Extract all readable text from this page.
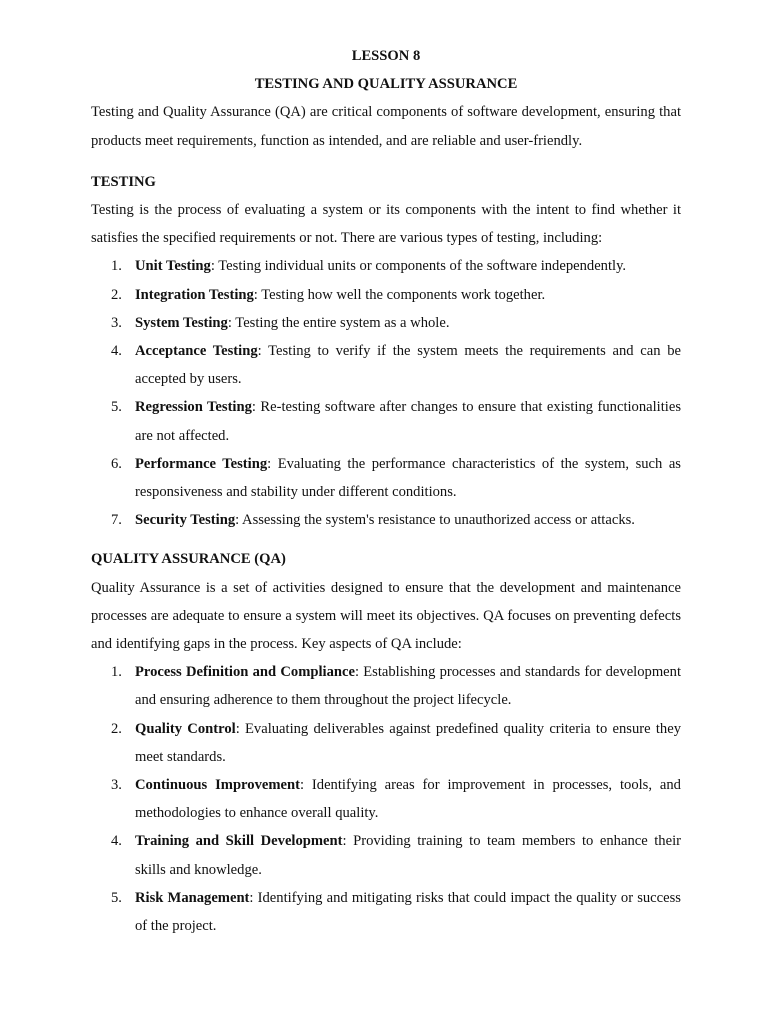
LESSON 8
TESTING AND QUALITY ASSURANCE

Testing and Quality Assurance (QA) are critical components of software development, ensuring that products meet requirements, function as intended, and are reliable and user-friendly.

TESTING

Testing is the process of evaluating a system or its components with the intent to find whether it satisfies the specified requirements or not. There are various types of testing, including:

1. Unit Testing: Testing individual units or components of the software independently.
2. Integration Testing: Testing how well the components work together.
3. System Testing: Testing the entire system as a whole.
4. Acceptance Testing: Testing to verify if the system meets the requirements and can be accepted by users.
5. Regression Testing: Re-testing software after changes to ensure that existing functionalities are not affected.
6. Performance Testing: Evaluating the performance characteristics of the system, such as responsiveness and stability under different conditions.
7. Security Testing: Assessing the system's resistance to unauthorized access or attacks.
QUALITY ASSURANCE (QA)

Quality Assurance is a set of activities designed to ensure that the development and maintenance processes are adequate to ensure a system will meet its objectives. QA focuses on preventing defects and identifying gaps in the process. Key aspects of QA include:

1. Process Definition and Compliance: Establishing processes and standards for development and ensuring adherence to them throughout the project lifecycle.
2. Quality Control: Evaluating deliverables against predefined quality criteria to ensure they meet standards.
3. Continuous Improvement: Identifying areas for improvement in processes, tools, and methodologies to enhance overall quality.
4. Training and Skill Development: Providing training to team members to enhance their skills and knowledge.
5. Risk Management: Identifying and mitigating risks that could impact the quality or success of the project.
